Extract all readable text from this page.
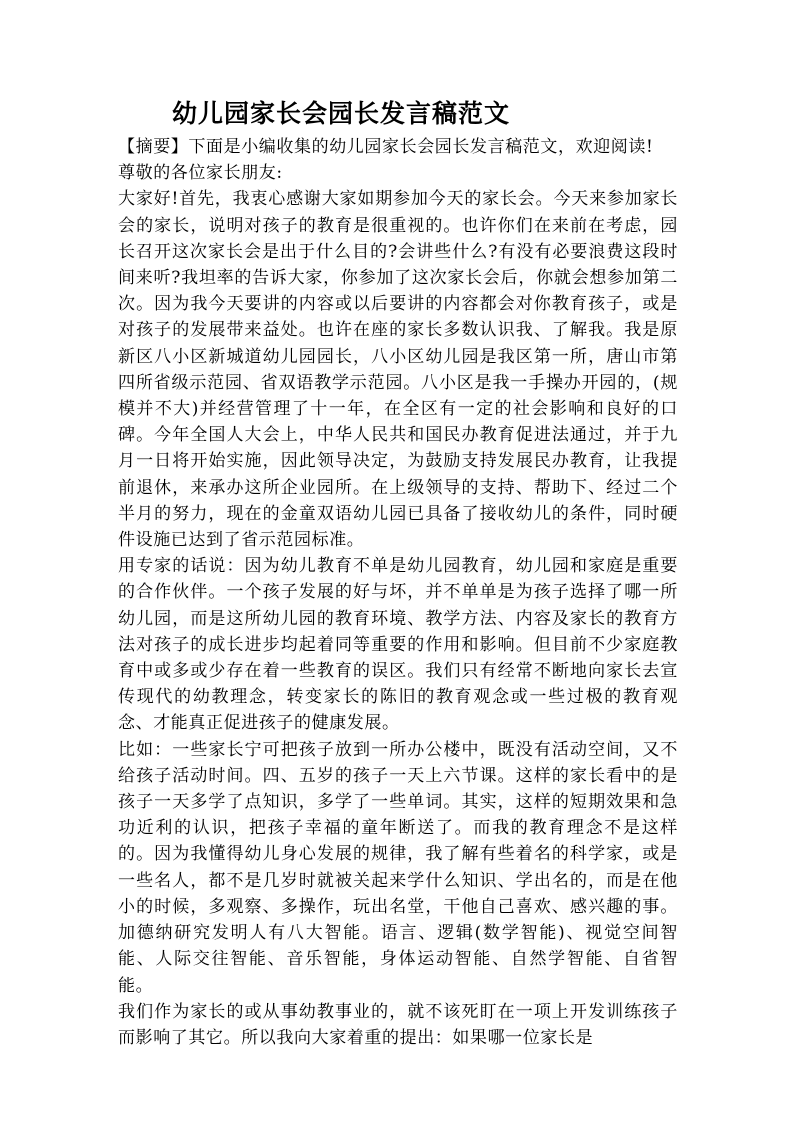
幼儿园家长会园长发言稿范文

【摘要】下面是小编收集的幼儿园家长会园长发言稿范文，欢迎阅读!

尊敬的各位家长朋友:

大家好!首先，我衷心感谢大家如期参加今天的家长会。今天来参加家长会的家长，说明对孩子的教育是很重视的。也许你们在来前在考虑，园长召开这次家长会是出于什么目的?会讲些什么?有没有必要浪费这段时间来听?我坦率的告诉大家，你参加了这次家长会后，你就会想参加第二次。因为我今天要讲的内容或以后要讲的内容都会对你教育孩子，或是对孩子的发展带来益处。也许在座的家长多数认识我、了解我。我是原新区八小区新城道幼儿园园长，八小区幼儿园是我区第一所，唐山市第四所省级示范园、省双语教学示范园。八小区是我一手操办开园的，(规模并不大)并经营管理了十一年，在全区有一定的社会影响和良好的口碑。今年全国人大会上，中华人民共和国民办教育促进法通过，并于九月一日将开始实施，因此领导决定，为鼓励支持发展民办教育，让我提前退休，来承办这所企业园所。在上级领导的支持、帮助下、经过二个半月的努力，现在的金童双语幼儿园已具备了接收幼儿的条件，同时硬件设施已达到了省示范园标准。

用专家的话说：因为幼儿教育不单是幼儿园教育，幼儿园和家庭是重要的合作伙伴。一个孩子发展的好与坏，并不单单是为孩子选择了哪一所幼儿园，而是这所幼儿园的教育环境、教学方法、内容及家长的教育方法对孩子的成长进步均起着同等重要的作用和影响。但目前不少家庭教育中或多或少存在着一些教育的误区。我们只有经常不断地向家长去宣传现代的幼教理念，转变家长的陈旧的教育观念或一些过极的教育观念、才能真正促进孩子的健康发展。

比如：一些家长宁可把孩子放到一所办公楼中，既没有活动空间，又不给孩子活动时间。四、五岁的孩子一天上六节课。这样的家长看中的是孩子一天多学了点知识，多学了一些单词。其实，这样的短期效果和急功近利的认识，把孩子幸福的童年断送了。而我的教育理念不是这样的。因为我懂得幼儿身心发展的规律，我了解有些着名的科学家，或是一些名人，都不是几岁时就被关起来学什么知识、学出名的，而是在他小的时候，多观察、多操作，玩出名堂，干他自己喜欢、感兴趣的事。加德纳研究发明人有八大智能。语言、逻辑(数学智能)、视觉空间智能、人际交往智能、音乐智能，身体运动智能、自然学智能、自省智能。

我们作为家长的或从事幼教事业的，就不该死盯在一项上开发训练孩子而影响了其它。所以我向大家着重的提出：如果哪一位家长是
